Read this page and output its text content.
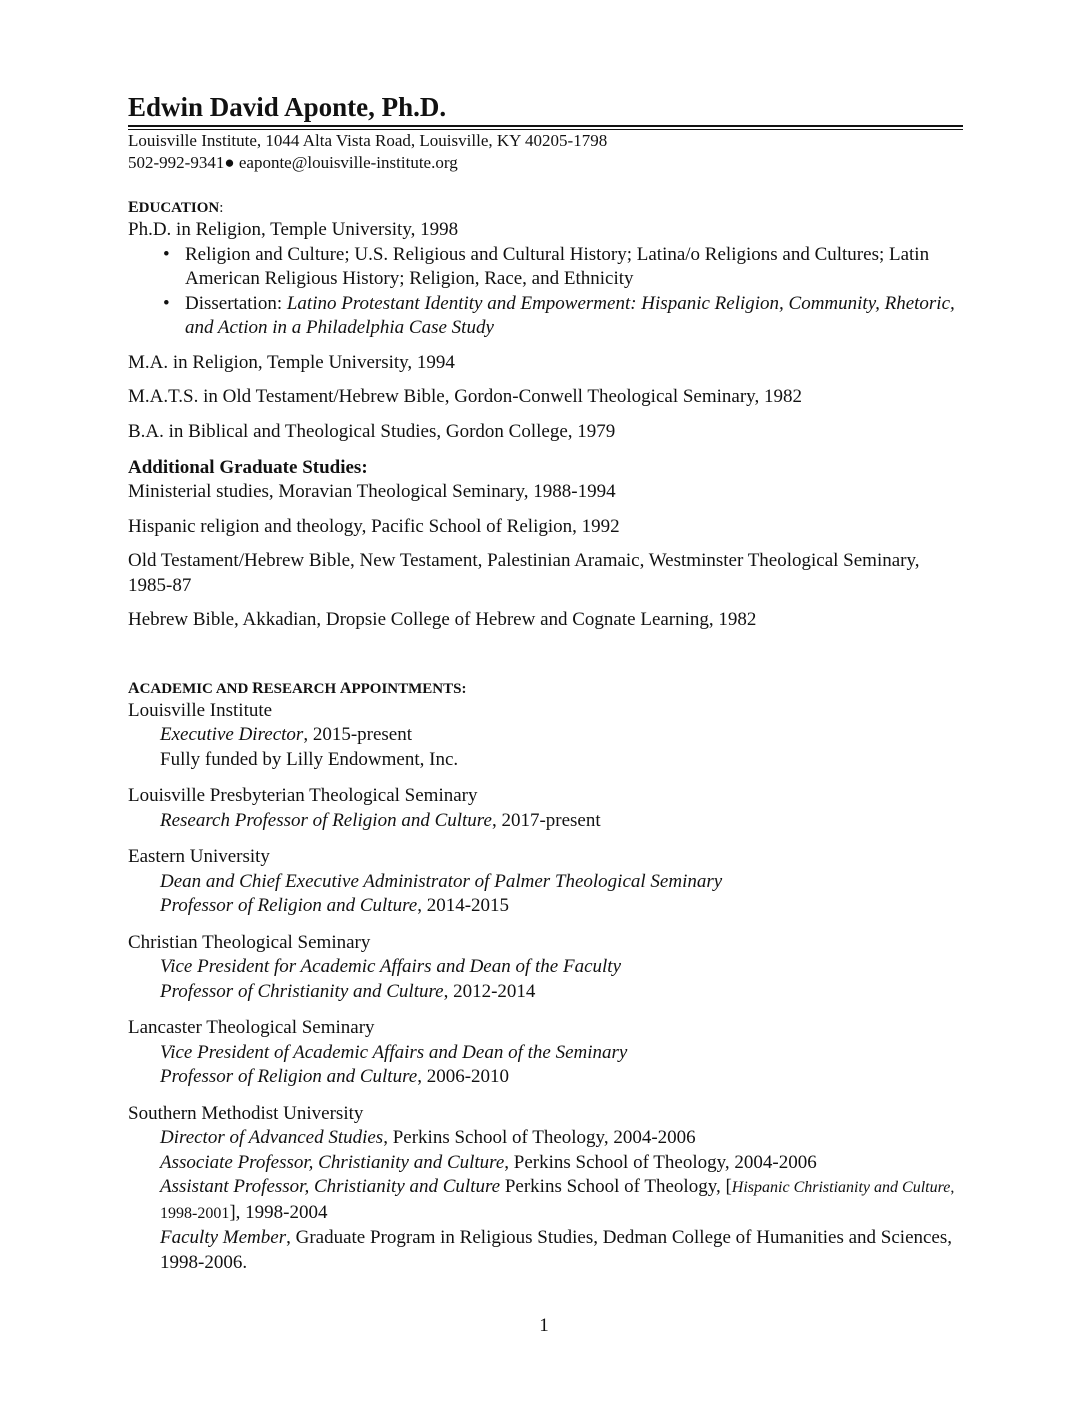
Edwin David Aponte, Ph.D.
Louisville Institute, 1044 Alta Vista Road, Louisville, KY 40205-1798
502-992-9341● eaponte@louisville-institute.org
EDUCATION:
Ph.D. in Religion, Temple University, 1998
• Religion and Culture; U.S. Religious and Cultural History; Latina/o Religions and Cultures; Latin American Religious History; Religion, Race, and Ethnicity
• Dissertation: Latino Protestant Identity and Empowerment: Hispanic Religion, Community, Rhetoric, and Action in a Philadelphia Case Study
M.A. in Religion, Temple University, 1994
M.A.T.S. in Old Testament/Hebrew Bible, Gordon-Conwell Theological Seminary, 1982
B.A. in Biblical and Theological Studies, Gordon College, 1979
Additional Graduate Studies:
Ministerial studies, Moravian Theological Seminary, 1988-1994
Hispanic religion and theology, Pacific School of Religion, 1992
Old Testament/Hebrew Bible, New Testament, Palestinian Aramaic, Westminster Theological Seminary, 1985-87
Hebrew Bible, Akkadian, Dropsie College of Hebrew and Cognate Learning, 1982
ACADEMIC AND RESEARCH APPOINTMENTS:
Louisville Institute
Executive Director, 2015-present
Fully funded by Lilly Endowment, Inc.
Louisville Presbyterian Theological Seminary
Research Professor of Religion and Culture, 2017-present
Eastern University
Dean and Chief Executive Administrator of Palmer Theological Seminary
Professor of Religion and Culture, 2014-2015
Christian Theological Seminary
Vice President for Academic Affairs and Dean of the Faculty
Professor of Christianity and Culture, 2012-2014
Lancaster Theological Seminary
Vice President of Academic Affairs and Dean of the Seminary
Professor of Religion and Culture, 2006-2010
Southern Methodist University
Director of Advanced Studies, Perkins School of Theology, 2004-2006
Associate Professor, Christianity and Culture, Perkins School of Theology, 2004-2006
Assistant Professor, Christianity and Culture Perkins School of Theology, [Hispanic Christianity and Culture, 1998-2001], 1998-2004
Faculty Member, Graduate Program in Religious Studies, Dedman College of Humanities and Sciences, 1998-2006.
1
